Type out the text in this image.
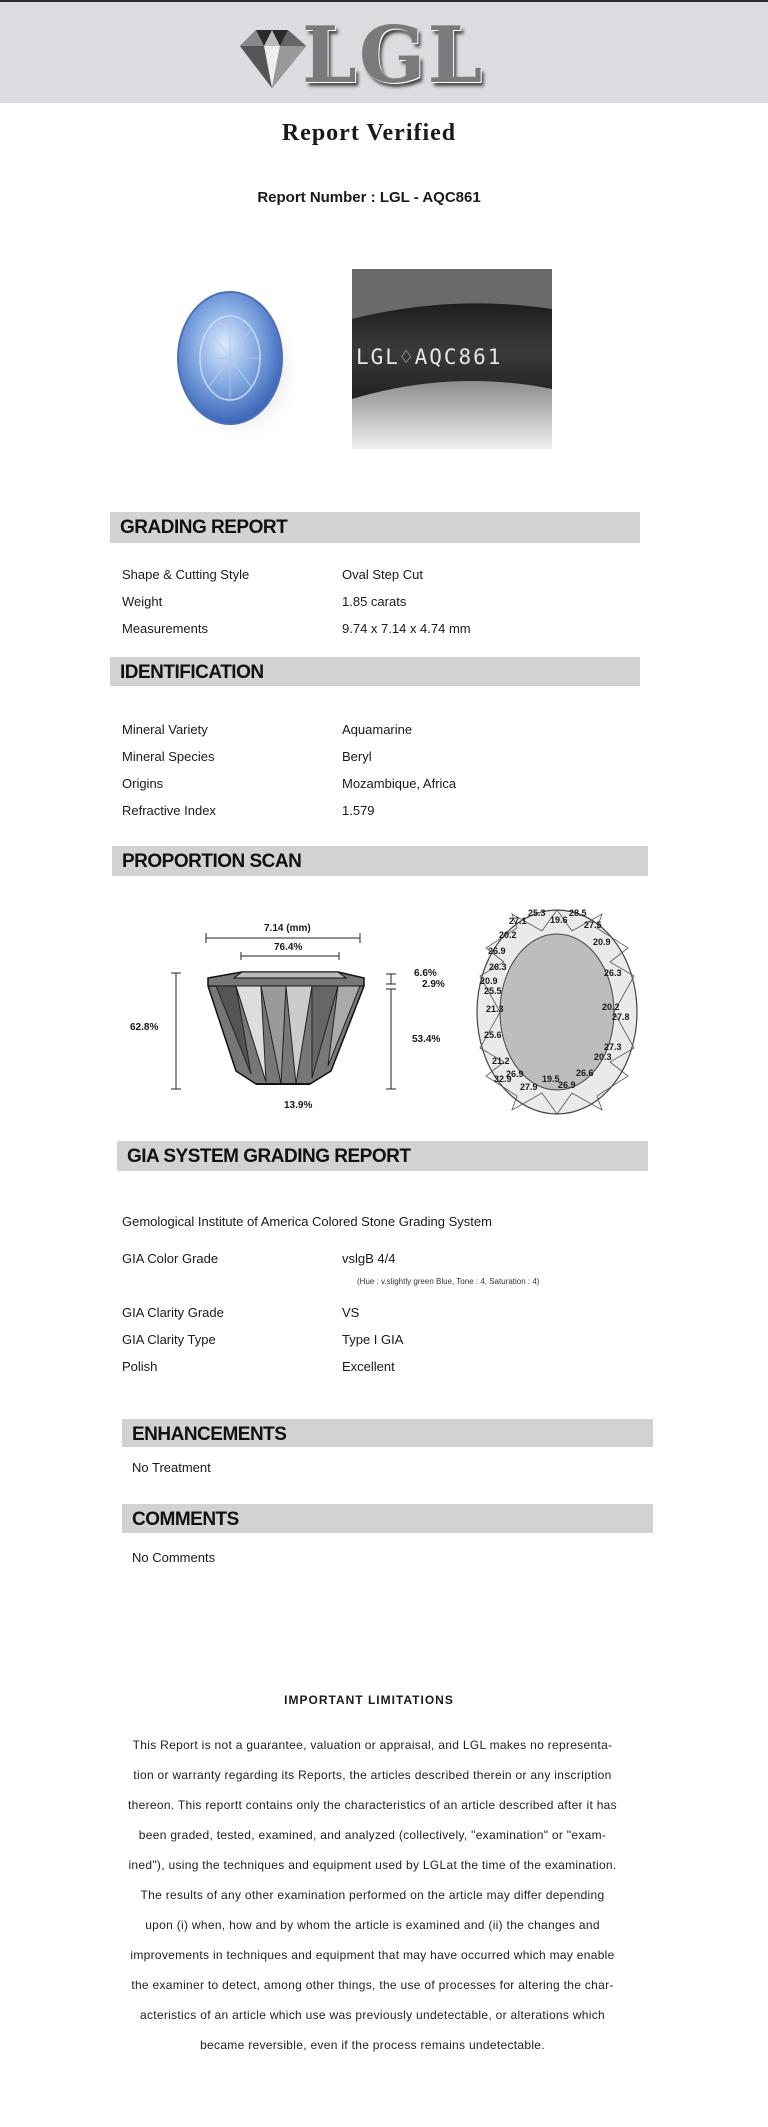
LGL
Report Verified
Report Number : LGL - AQC861
LGL♢AQC861
GRADING REPORT
Shape & Cutting Style	Oval Step Cut
Weight	1.85 carats
Measurements	9.74 x 7.14 x 4.74 mm
IDENTIFICATION
Mineral Variety	Aquamarine
Mineral Species	Beryl
Origins	Mozambique, Africa
Refractive Index	1.579
PROPORTION SCAN
7.14 (mm)
76.4%
62.8%
6.6%
2.9%
53.4%
13.9%
25.3
19.6
28.5
27.1	27.5
20.2
20.9
26.9
26.3
26.3
20.9
25.5
21.3	20.2
27.8
25.6
27.3
21.2	20.3
26.6
32.9
26.9 19.5
27.9 26.9
GIA SYSTEM GRADING REPORT
Gemological Institute of America Colored Stone Grading System
GIA Color Grade	vslgB 4/4
(Hue : v.slightly green Blue, Tone : 4, Saturation : 4)
GIA Clarity Grade	VS
GIA Clarity Type	Type I GIA
Polish	Excellent
ENHANCEMENTS
No Treatment
COMMENTS
No Comments
IMPORTANT LIMITATIONS
This Report is not a guarantee, valuation or appraisal, and LGL makes no representa-
tion or warranty regarding its Reports, the articles described therein or any inscription
thereon. This reportt contains only the characteristics of an article described after it has
been graded, tested, examined, and analyzed (collectively, "examination" or "exam-
ined"), using the techniques and equipment used by LGLat the time of the examination.
The results of any other examination performed on the article may differ depending
upon (i) when, how and by whom the article is examined and (ii) the changes and
improvements in techniques and equipment that may have occurred which may enable
the examiner to detect, among other things, the use of processes for altering the char-
acteristics of an article which use was previously undetectable, or alterations which
became reversible, even if the process remains undetectable.
